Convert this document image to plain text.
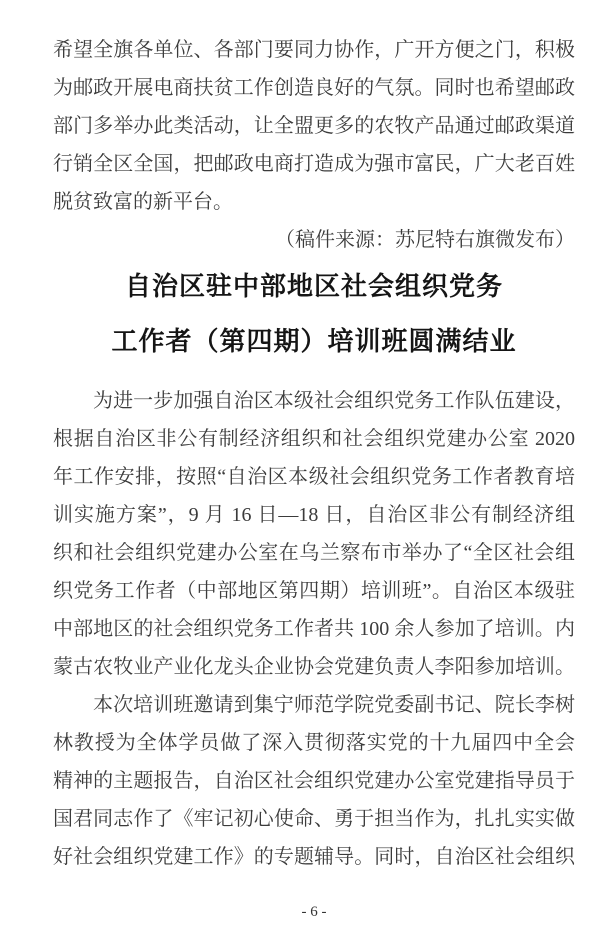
希望全旗各单位、各部门要同力协作，广开方便之门，积极
为邮政开展电商扶贫工作创造良好的气氛。同时也希望邮政
部门多举办此类活动，让全盟更多的农牧产品通过邮政渠道
行销全区全国，把邮政电商打造成为强市富民，广大老百姓
脱贫致富的新平台。
（稿件来源：苏尼特右旗微发布）
自治区驻中部地区社会组织党务
工作者（第四期）培训班圆满结业
为进一步加强自治区本级社会组织党务工作队伍建设，
根据自治区非公有制经济组织和社会组织党建办公室 2020
年工作安排，按照“自治区本级社会组织党务工作者教育培
训实施方案”，9 月 16 日—18 日，自治区非公有制经济组
织和社会组织党建办公室在乌兰察布市举办了“全区社会组
织党务工作者（中部地区第四期）培训班”。自治区本级驻
中部地区的社会组织党务工作者共 100 余人参加了培训。内
蒙古农牧业产业化龙头企业协会党建负责人李阳参加培训。
本次培训班邀请到集宁师范学院党委副书记、院长李树
林教授为全体学员做了深入贯彻落实党的十九届四中全会
精神的主题报告，自治区社会组织党建办公室党建指导员于
国君同志作了《牢记初心使命、勇于担当作为，扎扎实实做
好社会组织党建工作》的专题辅导。同时，自治区社会组织
- 6 -
